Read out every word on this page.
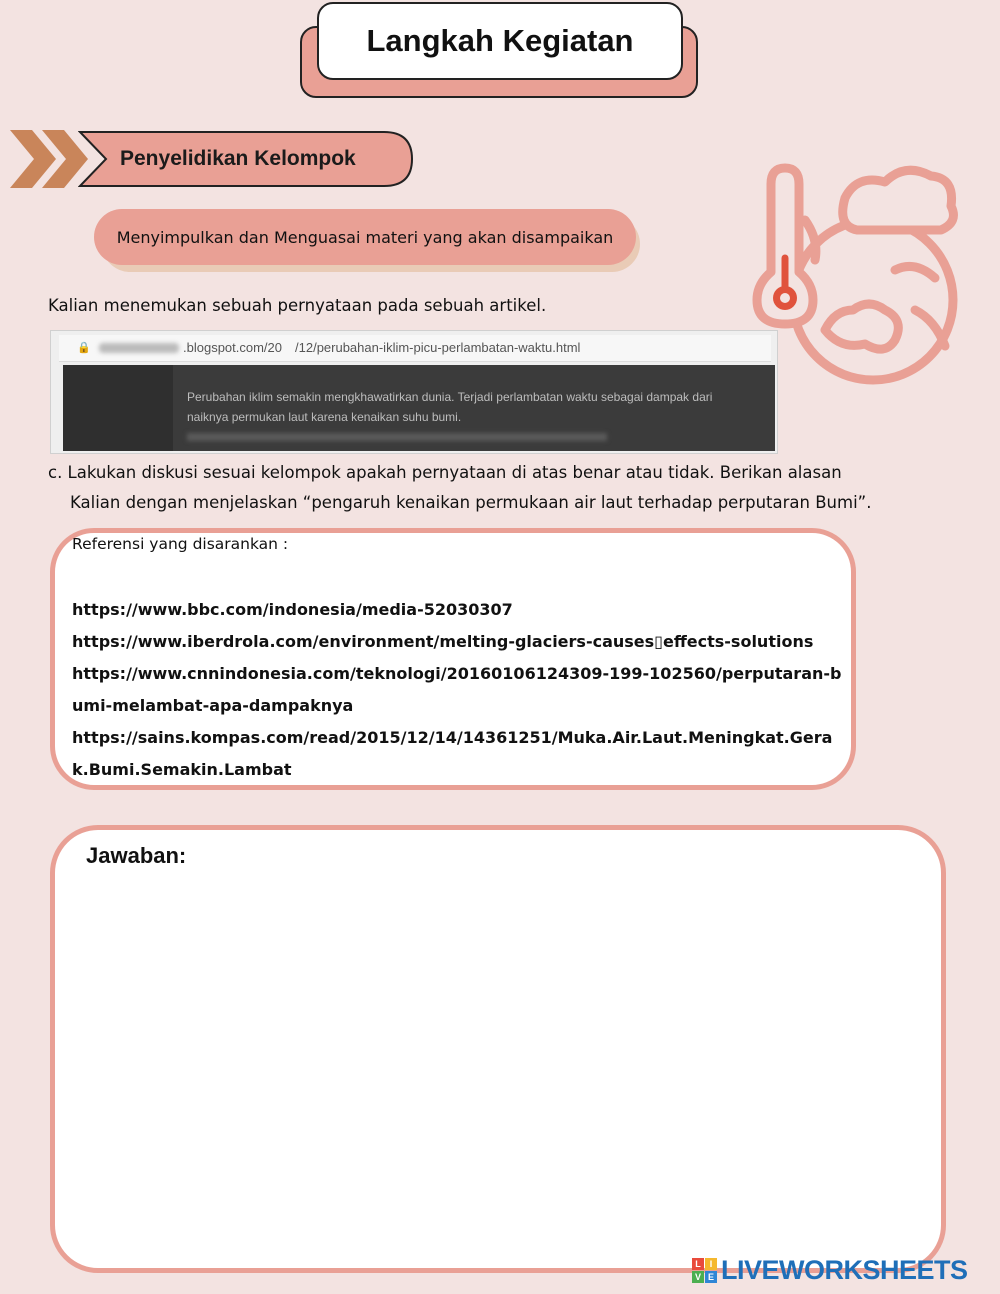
Langkah Kegiatan
Penyelidikan Kelompok
Menyimpulkan dan Menguasai materi yang akan disampaikan
Kalian menemukan sebuah pernyataan pada sebuah artikel.
🔒	.blogspot.com/20 /12/perubahan-iklim-picu-perlambatan-waktu.html
Perubahan iklim semakin mengkhawatirkan dunia. Terjadi perlambatan waktu sebagai dampak dari
naiknya permukan laut karena kenaikan suhu bumi.
c. Lakukan diskusi sesuai kelompok apakah pernyataan di atas benar atau tidak. Berikan alasan
Kalian dengan menjelaskan “pengaruh kenaikan permukaan air laut terhadap perputaran Bumi”.
Referensi yang disarankan :
https://www.bbc.com/indonesia/media-52030307
https://www.iberdrola.com/environment/melting-glaciers-causes▯effects-solutions
https://www.cnnindonesia.com/teknologi/20160106124309-199-102560/perputaran-bumi-melambat-apa-dampaknya
https://sains.kompas.com/read/2015/12/14/14361251/Muka.Air.Laut.Meningkat.Gerak.Bumi.Semakin.Lambat
Jawaban:
L I
V E LIVEWORKSHEETS
